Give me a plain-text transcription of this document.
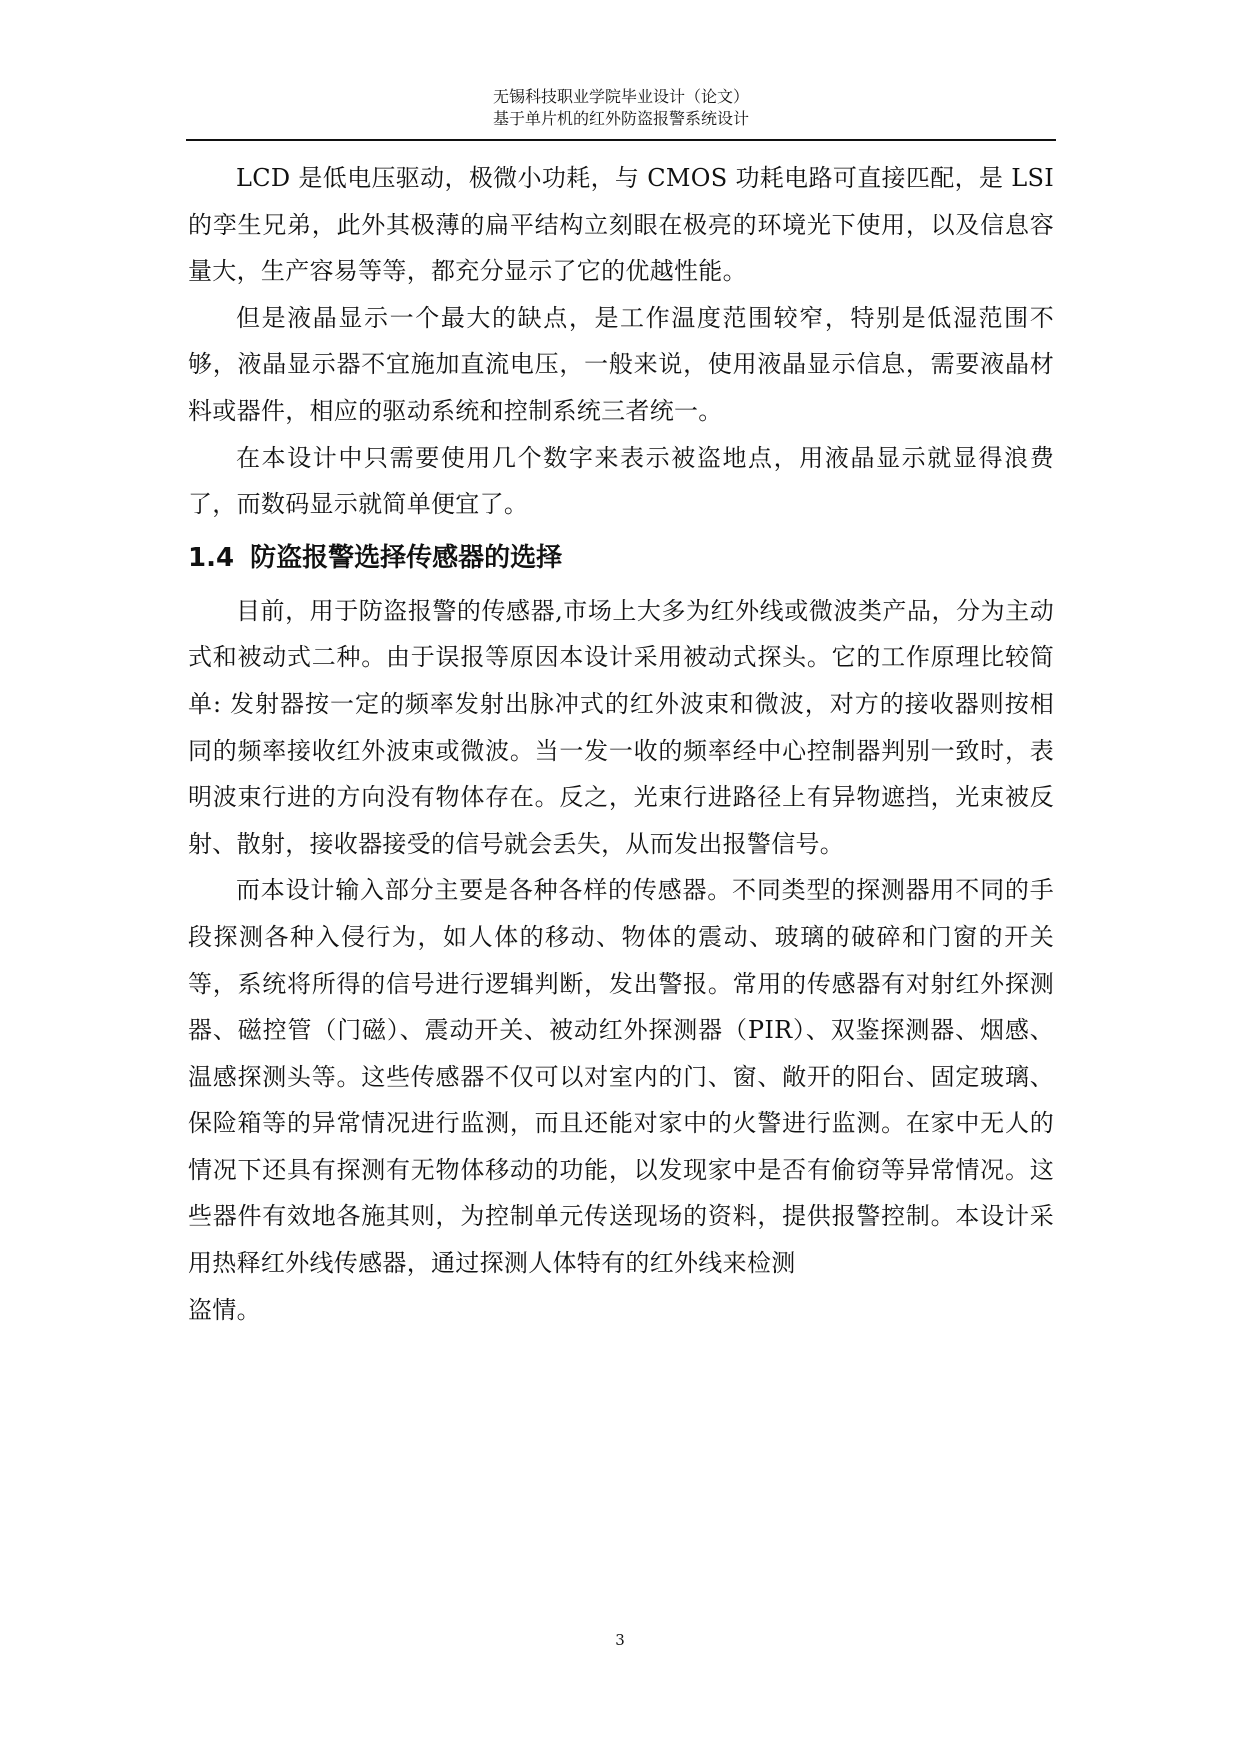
无锡科技职业学院毕业设计（论文）
基于单片机的红外防盗报警系统设计

LCD 是低电压驱动，极微小功耗，与 CMOS 功耗电路可直接匹配，是 LSI 的孪生兄弟，此外其极薄的扁平结构立刻眼在极亮的环境光下使用，以及信息容量大，生产容易等等，都充分显示了它的优越性能。

但是液晶显示一个最大的缺点，是工作温度范围较窄，特别是低湿范围不够，液晶显示器不宜施加直流电压，一般来说，使用液晶显示信息，需要液晶材料或器件，相应的驱动系统和控制系统三者统一。

在本设计中只需要使用几个数字来表示被盗地点，用液晶显示就显得浪费了，而数码显示就简单便宜了。

1.4 防盗报警选择传感器的选择

目前，用于防盗报警的传感器,市场上大多为红外线或微波类产品，分为主动式和被动式二种。由于误报等原因本设计采用被动式探头。它的工作原理比较简单: 发射器按一定的频率发射出脉冲式的红外波束和微波，对方的接收器则按相同的频率接收红外波束或微波。当一发一收的频率经中心控制器判别一致时，表明波束行进的方向没有物体存在。反之，光束行进路径上有异物遮挡，光束被反射、散射，接收器接受的信号就会丢失，从而发出报警信号。

而本设计输入部分主要是各种各样的传感器。不同类型的探测器用不同的手段探测各种入侵行为，如人体的移动、物体的震动、玻璃的破碎和门窗的开关等，系统将所得的信号进行逻辑判断，发出警报。常用的传感器有对射红外探测器、磁控管（门磁）、震动开关、被动红外探测器（PIR）、双鉴探测器、烟感、温感探测头等。这些传感器不仅可以对室内的门、窗、敞开的阳台、固定玻璃、保险箱等的异常情况进行监测，而且还能对家中的火警进行监测。在家中无人的情况下还具有探测有无物体移动的功能，以发现家中是否有偷窃等异常情况。这些器件有效地各施其则，为控制单元传送现场的资料，提供报警控制。本设计采用热释红外线传感器，通过探测人体特有的红外线来检测

盗情。

3
